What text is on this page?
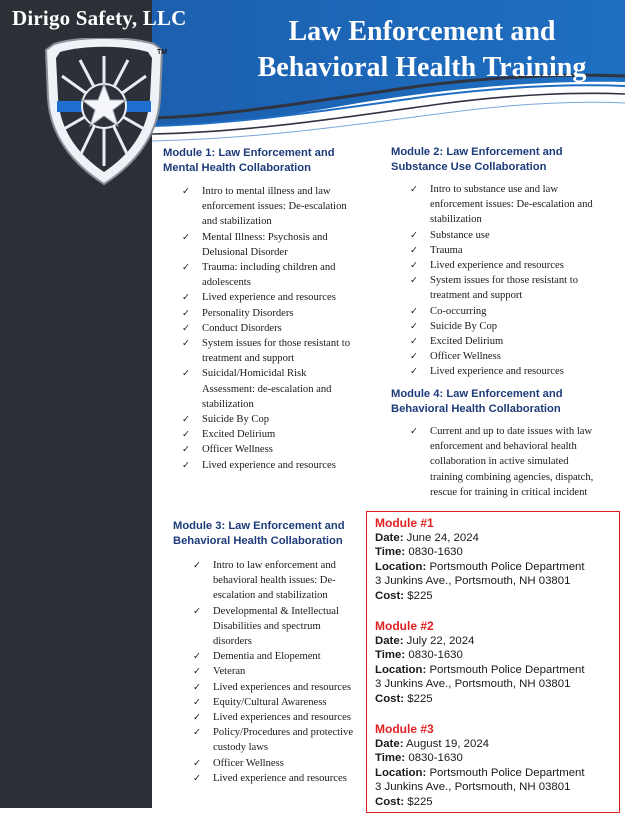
Dirigo Safety, LLC	Law Enforcement and
Behavioral Health Training
TM
Module 1: Law Enforcement and
Mental Health Collaboration
✓ Intro to mental illness and law
enforcement issues: De-escalation
and stabilization
✓ Mental Illness: Psychosis and
Delusional Disorder
✓ Trauma: including children and
adolescents
✓ Lived experience and resources
✓ Personality Disorders
✓ Conduct Disorders
✓ System issues for those resistant to
treatment and support
✓ Suicidal/Homicidal Risk
Assessment: de-escalation and
stabilization
✓ Suicide By Cop
✓ Excited Delirium
✓ Officer Wellness
✓ Lived experience and resources
Module 2: Law Enforcement and
Substance Use Collaboration
✓ Intro to substance use and law
enforcement issues: De-escalation and
stabilization
✓ Substance use
✓ Trauma
✓ Lived experience and resources
✓ System issues for those resistant to
treatment and support
✓ Co-occurring
✓ Suicide By Cop
✓ Excited Delirium
✓ Officer Wellness
✓ Lived experience and resources
Module 4: Law Enforcement and
Behavioral Health Collaboration
✓ Current and up to date issues with law
enforcement and behavioral health
collaboration in active simulated
training combining agencies, dispatch,
rescue for training in critical incident
Module 3: Law Enforcement and
Behavioral Health Collaboration
✓ Intro to law enforcement and
behavioral health issues: De-
escalation and stabilization
✓ Developmental & Intellectual
Disabilities and spectrum
disorders
✓ Dementia and Elopement
✓ Veteran
✓ Lived experiences and resources
✓ Equity/Cultural Awareness
✓ Lived experiences and resources
✓ Policy/Procedures and protective
custody laws
✓ Officer Wellness
✓ Lived experience and resources
Module #1
Date: June 24, 2024
Time: 0830-1630
Location: Portsmouth Police Department
3 Junkins Ave., Portsmouth, NH 03801
Cost: $225
Module #2
Date: July 22, 2024
Time: 0830-1630
Location: Portsmouth Police Department
3 Junkins Ave., Portsmouth, NH 03801
Cost: $225
Module #3
Date: August 19, 2024
Time: 0830-1630
Location: Portsmouth Police Department
3 Junkins Ave., Portsmouth, NH 03801
Cost: $225
